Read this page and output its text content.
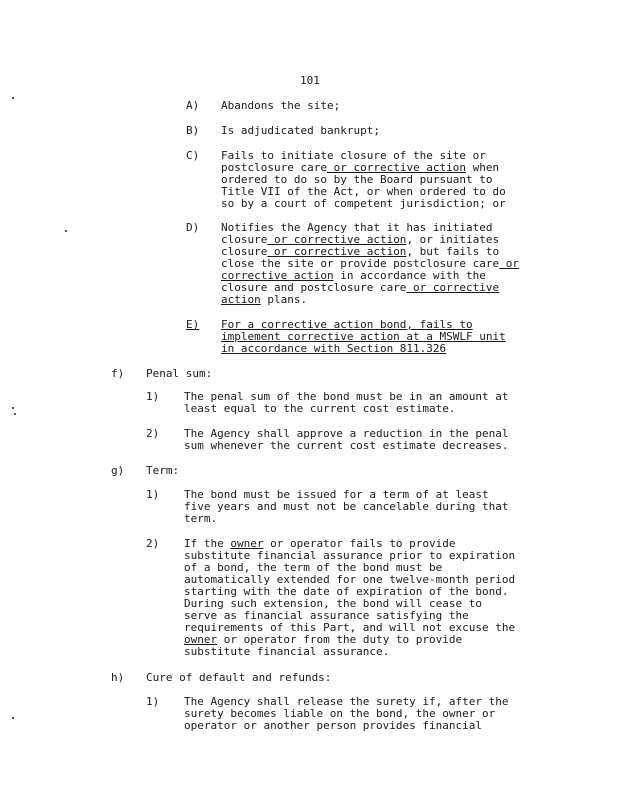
101
A) Abandons the site;
B) Is adjudicated bankrupt;
C) Fails to initiate closure of the site or
postclosure care or corrective action when
ordered to do so by the Board pursuant to
Title VII of the Act, or when ordered to do
so by a court of competent jurisdiction; or
D) Notifies the Agency that it has initiated
closure or corrective action, or initiates
closure or corrective action, but fails to
close the site or provide postclosure care or
corrective action in accordance with the
closure and postclosure care or corrective
action plans.
E) For a corrective action bond, fails to
implement corrective action at a MSWLF unit
in accordance with Section 811.326
f) Penal sum:
1) The penal sum of the bond must be in an amount at
least equal to the current cost estimate.
2) The Agency shall approve a reduction in the penal
sum whenever the current cost estimate decreases.
g) Term:
1) The bond must be issued for a term of at least
five years and must not be cancelable during that
term.
2) If the owner or operator fails to provide
substitute financial assurance prior to expiration
of a bond, the term of the bond must be
automatically extended for one twelve-month period
starting with the date of expiration of the bond.
During such extension, the bond will cease to
serve as financial assurance satisfying the
requirements of this Part, and will not excuse the
owner or operator from the duty to provide
substitute financial assurance.
h) Cure of default and refunds:
1) The Agency shall release the surety if, after the
surety becomes liable on the bond, the owner or
operator or another person provides financial
